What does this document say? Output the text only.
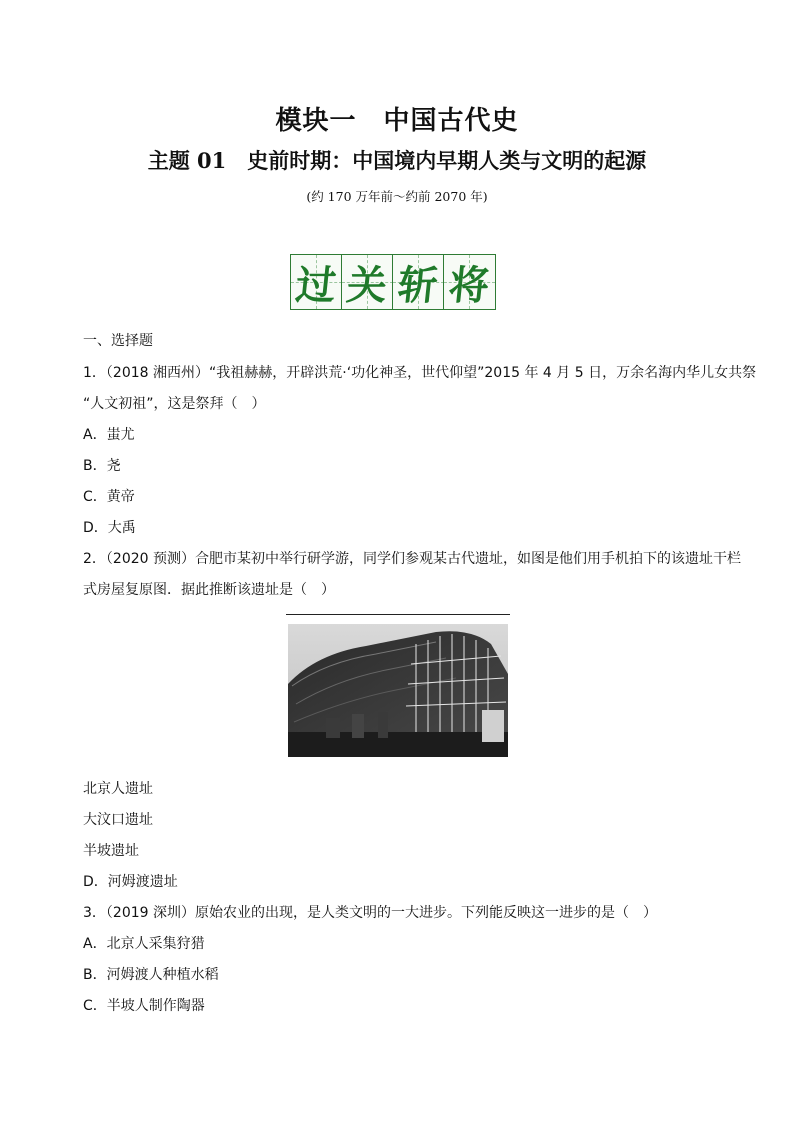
模块一　中国古代史
主题 01　史前时期：中国境内早期人类与文明的起源
(约 170 万年前～约前 2070 年)
过 关 斩 将
一、选择题
1．（2018 湘西州）“我祖赫赫，开辟洪荒·‘功化神圣，世代仰望”2015 年 4 月 5 日，万余名海内华儿女共祭
“人文初祖”，这是祭拜（　）
A．蚩尤
B．尧
C．黄帝
D．大禹
2．（2020 预测）合肥市某初中举行研学游，同学们参观某古代遗址，如图是他们用手机拍下的该遗址干栏
式房屋复原图．据此推断该遗址是（　）
北京人遗址
大汶口遗址
半坡遗址
D．河姆渡遗址
3．（2019 深圳）原始农业的出现，是人类文明的一大进步。下列能反映这一进步的是（　）
A．北京人采集狩猎
B．河姆渡人种植水稻
C．半坡人制作陶器
